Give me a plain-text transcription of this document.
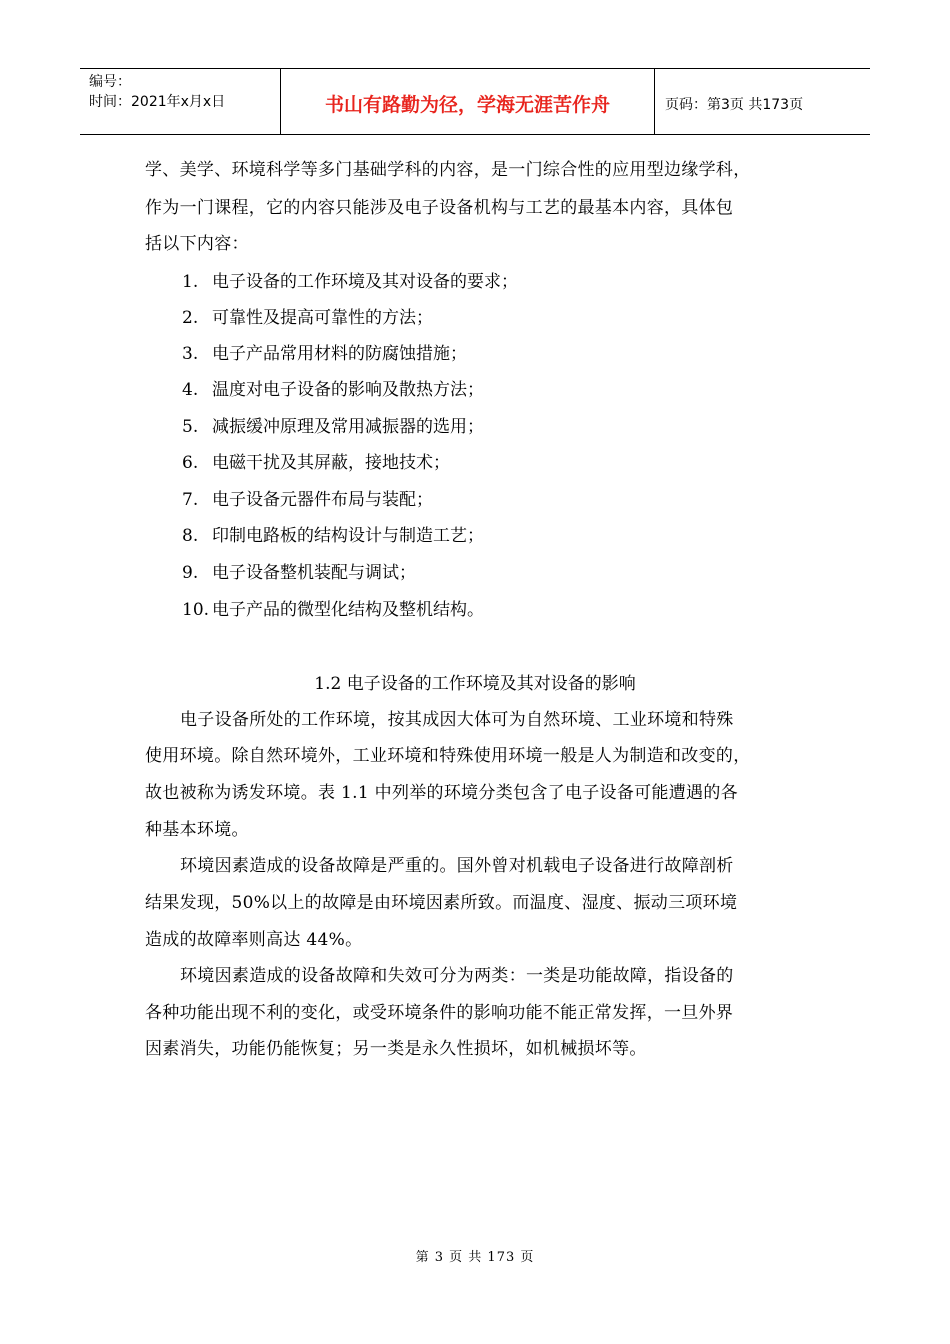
编号：
时间：2021年x月x日	书山有路勤为径，学海无涯苦作舟	页码：第3页 共173页
学、美学、环境科学等多门基础学科的内容，是一门综合性的应用型边缘学科，
作为一门课程，它的内容只能涉及电子设备机构与工艺的最基本内容，具体包
括以下内容：
1. 电子设备的工作环境及其对设备的要求；
2. 可靠性及提高可靠性的方法；
3. 电子产品常用材料的防腐蚀措施；
4. 温度对电子设备的影响及散热方法；
5. 减振缓冲原理及常用减振器的选用；
6. 电磁干扰及其屏蔽，接地技术；
7. 电子设备元器件布局与装配；
8. 印制电路板的结构设计与制造工艺；
9. 电子设备整机装配与调试；
10. 电子产品的微型化结构及整机结构。
1.2 电子设备的工作环境及其对设备的影响
电子设备所处的工作环境，按其成因大体可为自然环境、工业环境和特殊
使用环境。除自然环境外，工业环境和特殊使用环境一般是人为制造和改变的，
故也被称为诱发环境。表 1.1 中列举的环境分类包含了电子设备可能遭遇的各
种基本环境。
环境因素造成的设备故障是严重的。国外曾对机载电子设备进行故障剖析
结果发现，50%以上的故障是由环境因素所致。而温度、湿度、振动三项环境
造成的故障率则高达 44%。
环境因素造成的设备故障和失效可分为两类：一类是功能故障，指设备的
各种功能出现不利的变化，或受环境条件的影响功能不能正常发挥，一旦外界
因素消失，功能仍能恢复；另一类是永久性损坏，如机械损坏等。
第 3 页 共 173 页
